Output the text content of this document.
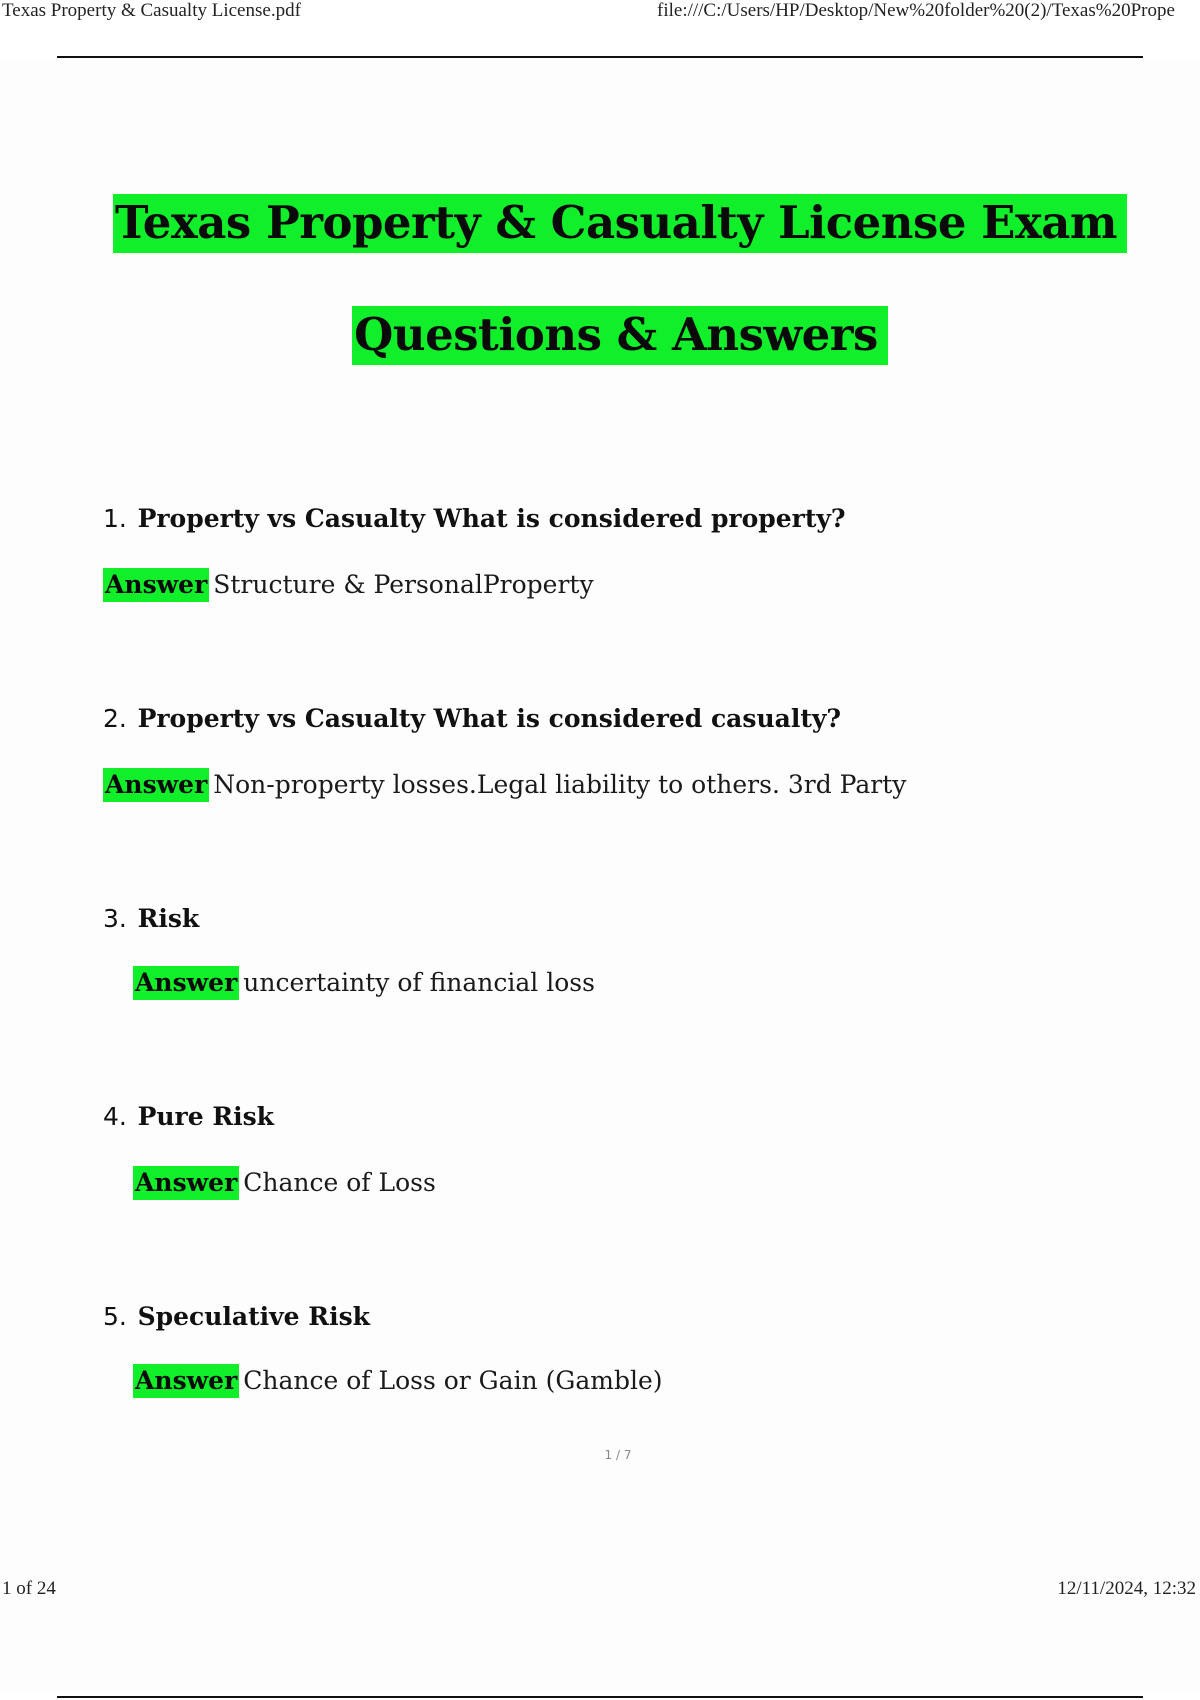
Texas Property & Casualty License.pdf	file:///C:/Users/HP/Desktop/New%20folder%20(2)/Texas%20Prope
Texas Property & Casualty License Exam
Questions & Answers
1. Property vs Casualty What is considered property?
Answer Structure & PersonalProperty
2. Property vs Casualty What is considered casualty?
Answer Non-property losses.Legal liability to others. 3rd Party
3. Risk
Answer uncertainty of financial loss
4. Pure Risk
Answer Chance of Loss
5. Speculative Risk
Answer Chance of Loss or Gain (Gamble)
1 / 7
1 of 24	12/11/2024, 12:32
